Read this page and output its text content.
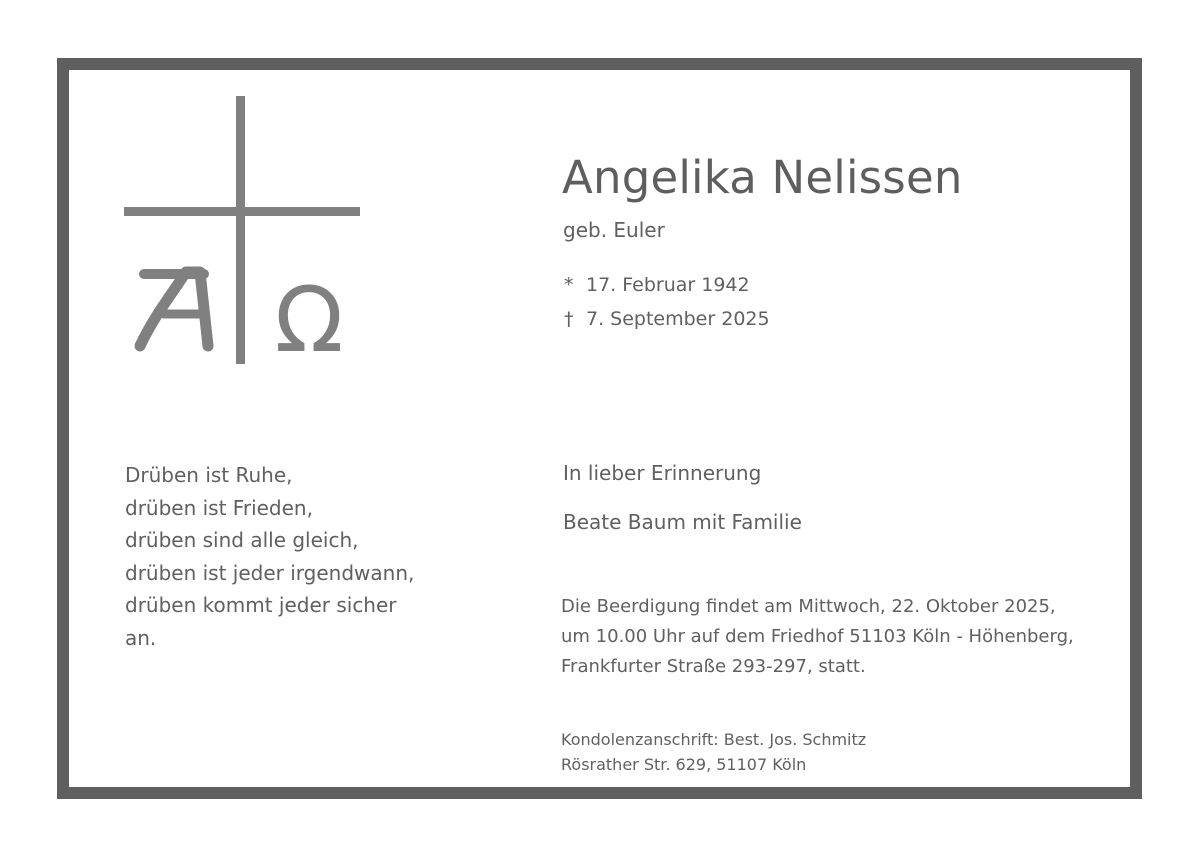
Ω
Angelika Nelissen
geb. Euler
* 17. Februar 1942
† 7. September 2025
Drüben ist Ruhe,
drüben ist Frieden,
drüben sind alle gleich,
drüben ist jeder irgendwann,
drüben kommt jeder sicher
an.
In lieber Erinnerung
Beate Baum mit Familie
Die Beerdigung findet am Mittwoch, 22. Oktober 2025,
um 10.00 Uhr auf dem Friedhof 51103 Köln - Höhenberg,
Frankfurter Straße 293-297, statt.
Kondolenzanschrift: Best. Jos. Schmitz
Rösrather Str. 629, 51107 Köln
